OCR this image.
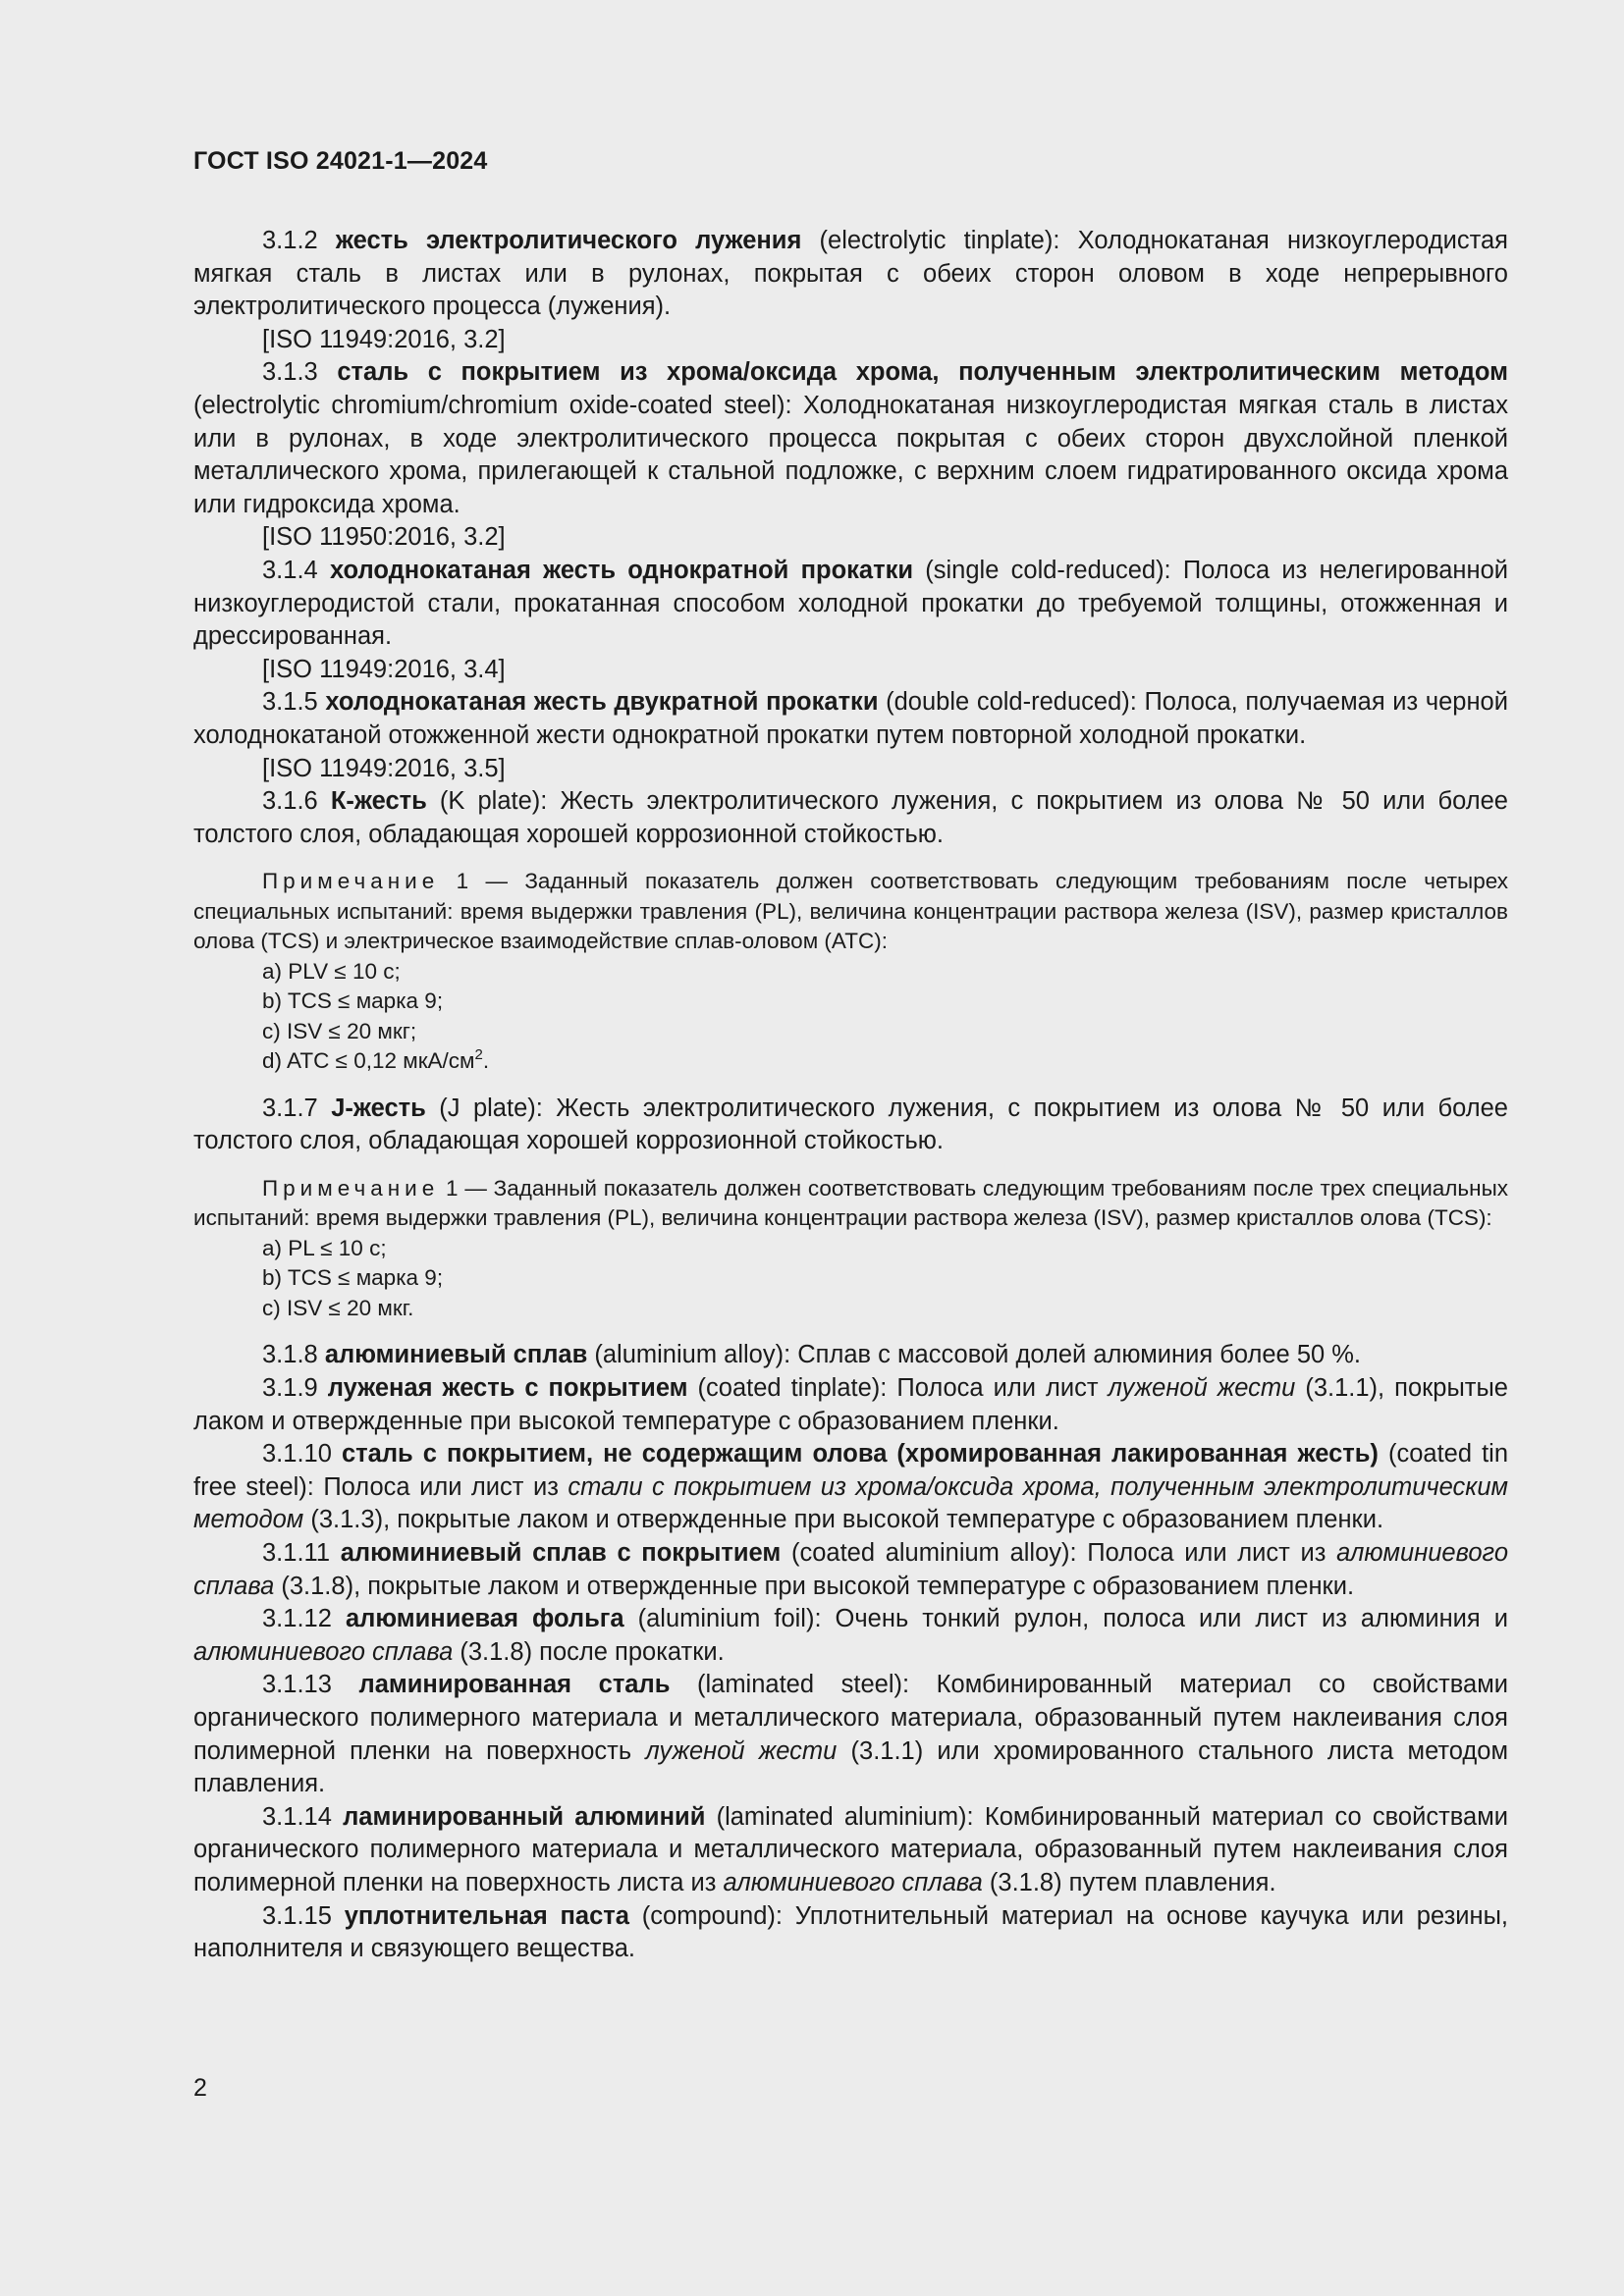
ГОСТ ISO 24021-1—2024

3.1.2 жесть электролитического лужения (electrolytic tinplate): Холоднокатаная низкоуглеродистая мягкая сталь в листах или в рулонах, покрытая с обеих сторон оловом в ходе непрерывного электролитического процесса (лужения).

[ISO 11949:2016, 3.2]

3.1.3 сталь с покрытием из хрома/оксида хрома, полученным электролитическим методом (electrolytic chromium/chromium oxide-coated steel): Холоднокатаная низкоуглеродистая мягкая сталь в листах или в рулонах, в ходе электролитического процесса покрытая с обеих сторон двухслойной пленкой металлического хрома, прилегающей к стальной подложке, с верхним слоем гидратированного оксида хрома или гидроксида хрома.

[ISO 11950:2016, 3.2]

3.1.4 холоднокатаная жесть однократной прокатки (single cold-reduced): Полоса из нелегированной низкоуглеродистой стали, прокатанная способом холодной прокатки до требуемой толщины, отожженная и дрессированная.

[ISO 11949:2016, 3.4]

3.1.5 холоднокатаная жесть двукратной прокатки (double cold-reduced): Полоса, получаемая из черной холоднокатаной отожженной жести однократной прокатки путем повторной холодной прокатки.

[ISO 11949:2016, 3.5]

3.1.6 К-жесть (K plate): Жесть электролитического лужения, с покрытием из олова № 50 или более толстого слоя, обладающая хорошей коррозионной стойкостью.

Примечание 1 — Заданный показатель должен соответствовать следующим требованиям после четырех специальных испытаний: время выдержки травления (PL), величина концентрации раствора железа (ISV), размер кристаллов олова (TCS) и электрическое взаимодействие сплав-оловом (ATC):

a) PLV ≤ 10 с;

b) TCS ≤ марка 9;

c) ISV ≤ 20 мкг;

d) ATC ≤ 0,12 мкА/$см^2$.

3.1.7 J-жесть (J plate): Жесть электролитического лужения, с покрытием из олова № 50 или более толстого слоя, обладающая хорошей коррозионной стойкостью.

Примечание 1 — Заданный показатель должен соответствовать следующим требованиям после трех специальных испытаний: время выдержки травления (PL), величина концентрации раствора железа (ISV), размер кристаллов олова (TCS):

a) PL ≤ 10 с;

b) TCS ≤ марка 9;

c) ISV ≤ 20 мкг.

3.1.8 алюминиевый сплав (aluminium alloy): Сплав с массовой долей алюминия более 50 %.

3.1.9 луженая жесть с покрытием (coated tinplate): Полоса или лист луженой жести (3.1.1), покрытые лаком и отвержденные при высокой температуре с образованием пленки.

3.1.10 сталь с покрытием, не содержащим олова (хромированная лакированная жесть) (coated tin free steel): Полоса или лист из стали с покрытием из хрома/оксида хрома, полученным электролитическим методом (3.1.3), покрытые лаком и отвержденные при высокой температуре с образованием пленки.

3.1.11 алюминиевый сплав с покрытием (coated aluminium alloy): Полоса или лист из алюминиевого сплава (3.1.8), покрытые лаком и отвержденные при высокой температуре с образованием пленки.

3.1.12 алюминиевая фольга (aluminium foil): Очень тонкий рулон, полоса или лист из алюминия и алюминиевого сплава (3.1.8) после прокатки.

3.1.13 ламинированная сталь (laminated steel): Комбинированный материал со свойствами органического полимерного материала и металлического материала, образованный путем наклеивания слоя полимерной пленки на поверхность луженой жести (3.1.1) или хромированного стального листа методом плавления.

3.1.14 ламинированный алюминий (laminated aluminium): Комбинированный материал со свойствами органического полимерного материала и металлического материала, образованный путем наклеивания слоя полимерной пленки на поверхность листа из алюминиевого сплава (3.1.8) путем плавления.

3.1.15 уплотнительная паста (compound): Уплотнительный материал на основе каучука или резины, наполнителя и связующего вещества.

2
